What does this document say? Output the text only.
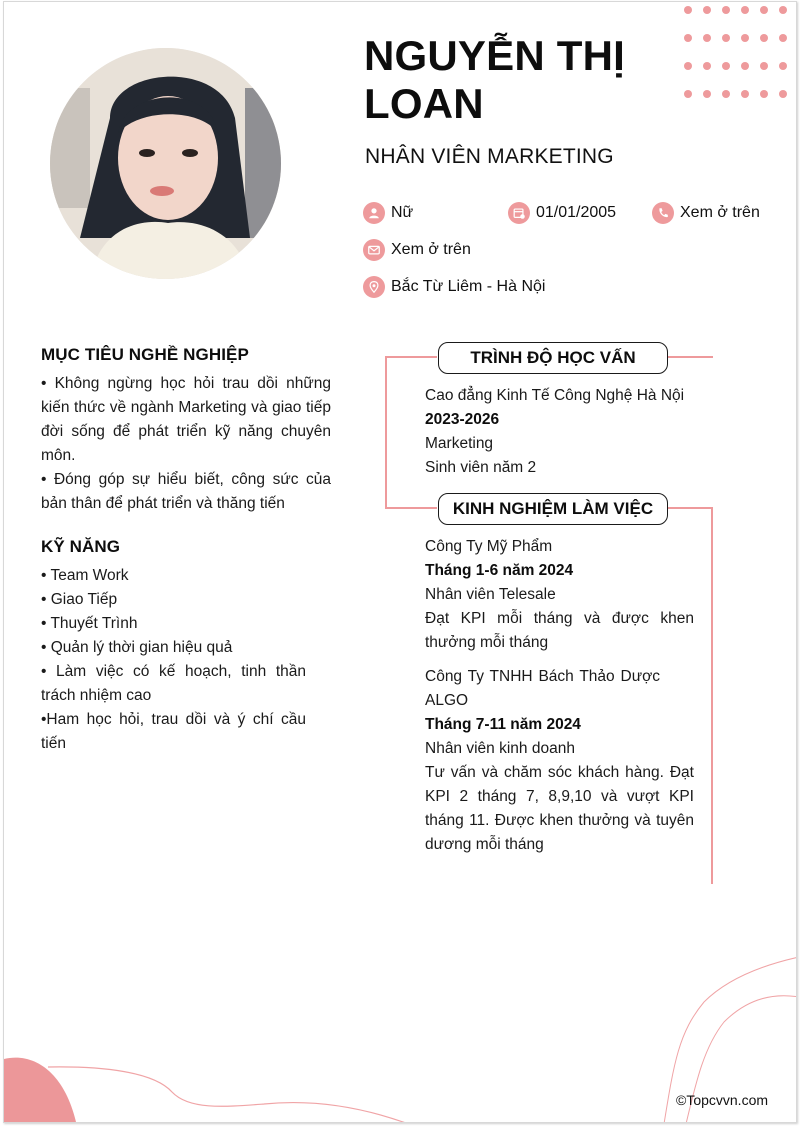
NGUYỄN THỊ
LOAN
NHÂN VIÊN MARKETING
Nữ	01/01/2005	Xem ở trên
Xem ở trên
Bắc Từ Liêm - Hà Nội
MỤC TIÊU NGHỀ NGHIỆP

• Không ngừng học hỏi trau dồi những kiến thức về ngành Marketing và giao tiếp đời sống để phát triển kỹ năng chuyên môn.

• Đóng góp sự hiểu biết, công sức của bản thân để phát triển và thăng tiến

KỸ NĂNG

• Team Work

• Giao Tiếp

• Thuyết Trình

• Quản lý thời gian hiệu quả

• Làm việc có kế hoạch, tinh thần trách nhiệm cao

•Ham học hỏi, trau dồi và ý chí cầu tiến

TRÌNH ĐỘ HỌC VẤN

Cao đẳng Kinh Tế Công Nghệ Hà Nội

2023-2026

Marketing

Sinh viên năm 2

KINH NGHIỆM LÀM VIỆC

Công Ty Mỹ Phẩm

Tháng 1-6 năm 2024

Nhân viên Telesale

Đạt KPI mỗi tháng và được khen thưởng mỗi tháng

Công Ty TNHH Bách Thảo Dược ALGO

Tháng 7-11 năm 2024

Nhân viên kinh doanh

Tư vấn và chăm sóc khách hàng. Đạt KPI 2 tháng 7, 8,9,10 và vượt KPI tháng 11. Được khen thưởng và tuyên dương mỗi tháng

©Topcvvn.com
